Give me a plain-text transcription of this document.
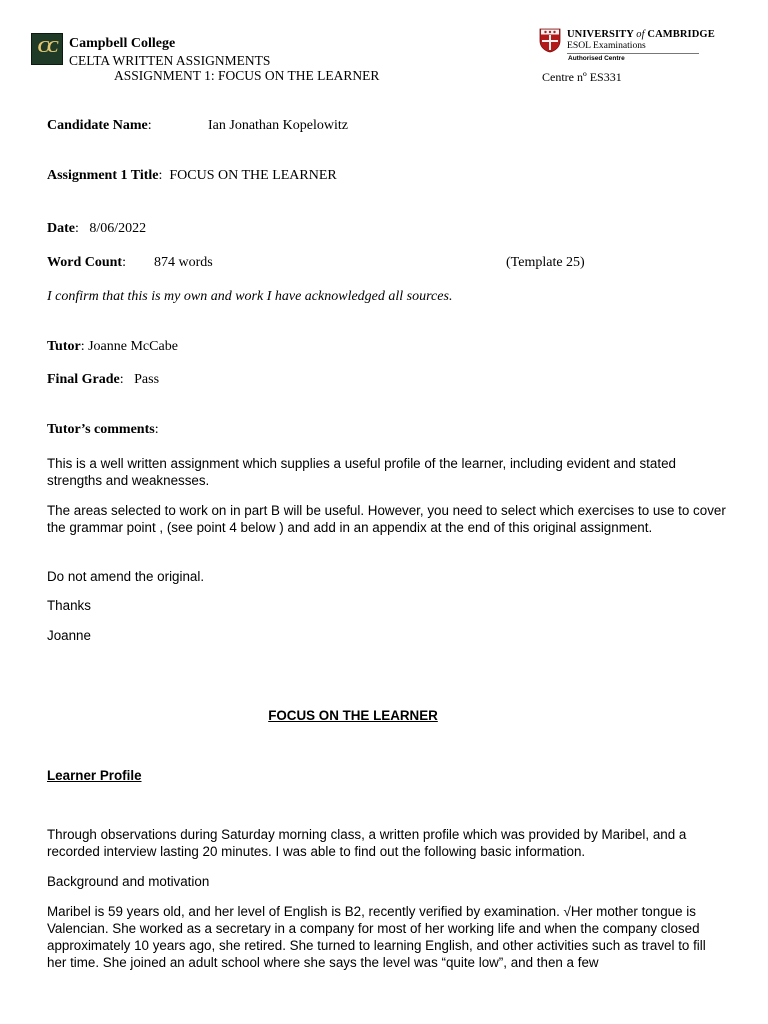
CC Campbell College
CELTA WRITTEN ASSIGNMENTS
ASSIGNMENT 1: FOCUS ON THE LEARNER
UNIVERSITY of CAMBRIDGE
ESOL Examinations
Authorised Centre
Centre nº ES331
Candidate Name:	Ian Jonathan Kopelowitz
Assignment 1 Title:  FOCUS ON THE LEARNER
Date:   8/06/2022
Word Count: 874 words	(Template 25)
I confirm that this is my own and work I have acknowledged all sources.
Tutor: Joanne McCabe
Final Grade:   Pass
Tutor’s comments:

This is a well written assignment which supplies a useful profile of the learner, including evident and stated strengths and weaknesses.

The areas selected to work on in part B will be useful. However, you need to select which exercises to use to cover the grammar point , (see point 4 below ) and add in an appendix at the end of this original assignment.

Do not amend the original.

Thanks

Joanne

FOCUS ON THE LEARNER
Learner Profile

Through observations during Saturday morning class, a written profile which was provided by Maribel, and a recorded interview lasting 20 minutes. I was able to find out the following basic information.

Background and motivation

Maribel is 59 years old, and her level of English is B2, recently verified by examination. √Her mother tongue is Valencian. She worked as a secretary in a company for most of her working life and when the company closed approximately 10 years ago, she retired. She turned to learning English, and other activities such as travel to fill her time. She joined an adult school where she says the level was “quite low”, and then a few
